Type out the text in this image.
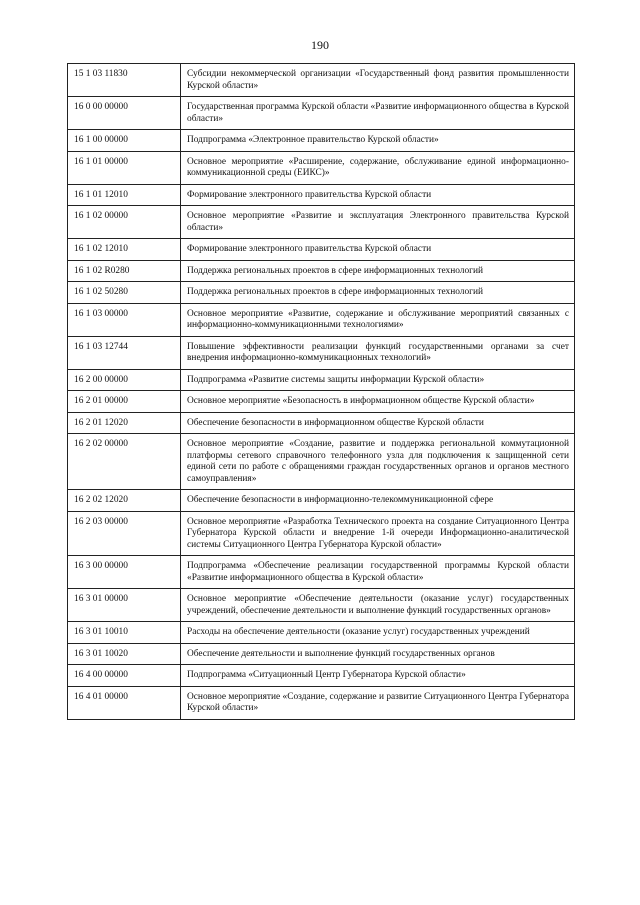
190
15 1 03 11830	Субсидии некоммерческой организации «Государственный фонд развития промышленности Курской области»
16 0 00 00000	Государственная программа Курской области «Развитие информационного общества в Курской области»
16 1 00 00000	Подпрограмма «Электронное правительство Курской области»
16 1 01 00000	Основное мероприятие «Расширение, содержание, обслуживание единой информационно-коммуникационной среды (ЕИКС)»
16 1 01 12010	Формирование электронного правительства Курской области
16 1 02 00000	Основное мероприятие «Развитие и эксплуатация Электронного правительства Курской области»
16 1 02 12010	Формирование электронного правительства Курской области
16 1 02 R0280	Поддержка региональных проектов в сфере информационных технологий
16 1 02 50280	Поддержка региональных проектов в сфере информационных технологий
16 1 03 00000	Основное мероприятие «Развитие, содержание и обслуживание мероприятий связанных с информационно-коммуникационными технологиями»
16 1 03 12744	Повышение эффективности реализации функций государственными органами за счет внедрения информационно-коммуникационных технологий»
16 2 00 00000	Подпрограмма «Развитие системы защиты информации Курской области»
16 2 01 00000	Основное мероприятие «Безопасность в информационном обществе Курской области»
16 2 01 12020	Обеспечение безопасности в информационном обществе Курской области
16 2 02 00000	Основное мероприятие «Создание, развитие и поддержка региональной коммутационной платформы сетевого справочного телефонного узла для подключения к защищенной сети единой сети по работе с обращениями граждан государственных органов и органов местного самоуправления»
16 2 02 12020	Обеспечение безопасности в информационно-телекоммуникационной сфере
16 2 03 00000	Основное мероприятие «Разработка Технического проекта на создание Ситуационного Центра Губернатора Курской области и внедрение 1-й очереди Информационно-аналитической системы Ситуационного Центра Губернатора Курской области»
16 3 00 00000	Подпрограмма «Обеспечение реализации государственной программы Курской области «Развитие информационного общества в Курской области»
16 3 01 00000	Основное мероприятие «Обеспечение деятельности (оказание услуг) государственных учреждений, обеспечение деятельности и выполнение функций государственных органов»
16 3 01 10010	Расходы на обеспечение деятельности (оказание услуг) государственных учреждений
16 3 01 10020	Обеспечение деятельности и выполнение функций государственных органов
16 4 00 00000	Подпрограмма «Ситуационный Центр Губернатора Курской области»
16 4 01 00000	Основное мероприятие «Создание, содержание и развитие Ситуационного Центра Губернатора Курской области»
